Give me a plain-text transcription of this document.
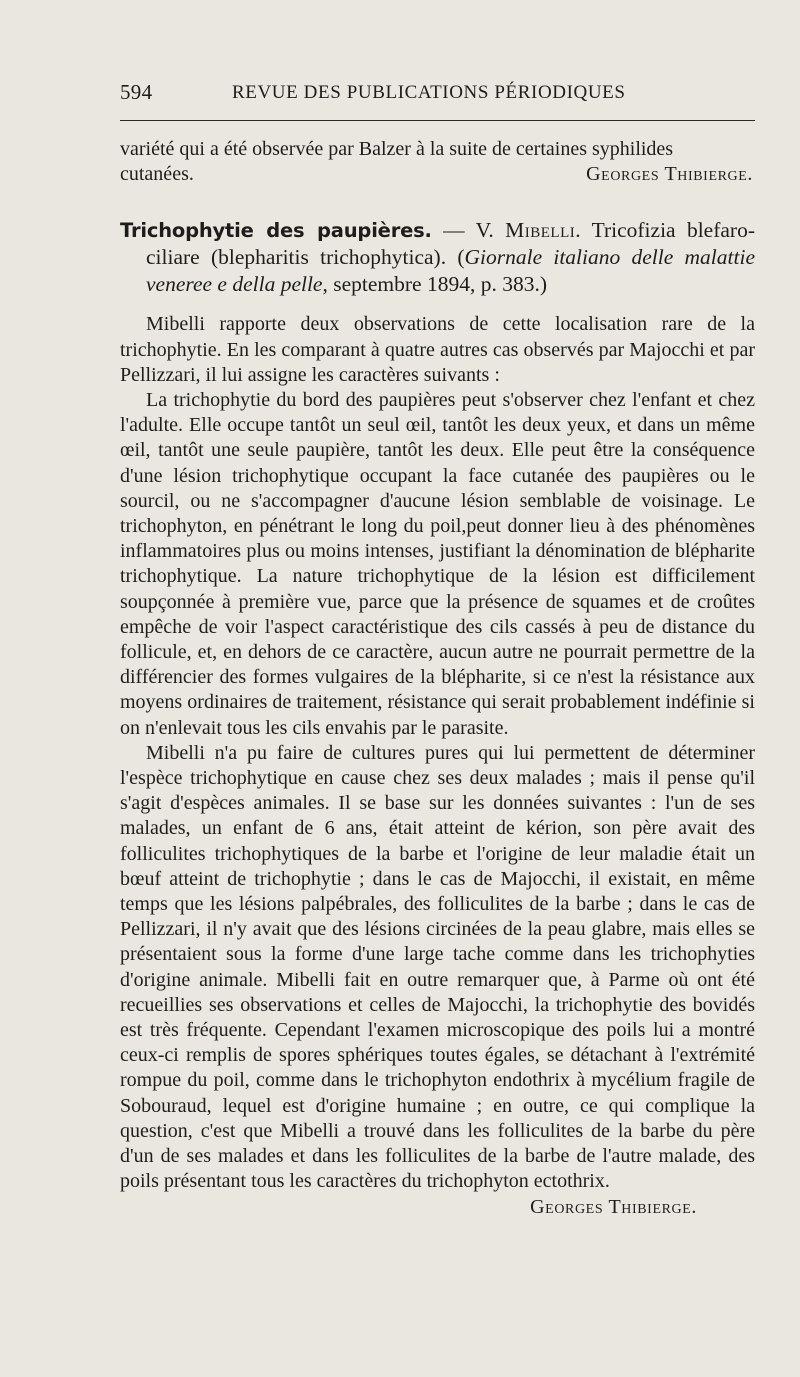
594	REVUE DES PUBLICATIONS PÉRIODIQUES

variété qui a été observée par Balzer à la suite de certaines syphilides

cutanées.	Georges Thibierge.

Trichophytie des paupières. — V. Mibelli. Tricofizia blefaro-ciliare (blepharitis trichophytica). (Giornale italiano delle malattie veneree e della pelle, septembre 1894, p. 383.)

Mibelli rapporte deux observations de cette localisation rare de la trichophytie. En les comparant à quatre autres cas observés par Majocchi et par Pellizzari, il lui assigne les caractères suivants :

La trichophytie du bord des paupières peut s'observer chez l'enfant et chez l'adulte. Elle occupe tantôt un seul œil, tantôt les deux yeux, et dans un même œil, tantôt une seule paupière, tantôt les deux. Elle peut être la conséquence d'une lésion trichophytique occupant la face cutanée des paupières ou le sourcil, ou ne s'accompagner d'aucune lésion semblable de voisinage. Le trichophyton, en pénétrant le long du poil,peut donner lieu à des phénomènes inflammatoires plus ou moins intenses, justifiant la dénomination de blépharite trichophytique. La nature trichophytique de la lésion est difficilement soupçonnée à première vue, parce que la présence de squames et de croûtes empêche de voir l'aspect caractéristique des cils cassés à peu de distance du follicule, et, en dehors de ce caractère, aucun autre ne pourrait permettre de la différencier des formes vulgaires de la blépharite, si ce n'est la résistance aux moyens ordinaires de traitement, résistance qui serait probablement indéfinie si on n'enlevait tous les cils envahis par le parasite.

Mibelli n'a pu faire de cultures pures qui lui permettent de déterminer l'espèce trichophytique en cause chez ses deux malades ; mais il pense qu'il s'agit d'espèces animales. Il se base sur les données suivantes : l'un de ses malades, un enfant de 6 ans, était atteint de kérion, son père avait des folliculites trichophytiques de la barbe et l'origine de leur maladie était un bœuf atteint de trichophytie ; dans le cas de Majocchi, il existait, en même temps que les lésions palpébrales, des folliculites de la barbe ; dans le cas de Pellizzari, il n'y avait que des lésions circinées de la peau glabre, mais elles se présentaient sous la forme d'une large tache comme dans les trichophyties d'origine animale. Mibelli fait en outre remarquer que, à Parme où ont été recueillies ses observations et celles de Majocchi, la trichophytie des bovidés est très fréquente. Cependant l'examen microscopique des poils lui a montré ceux-ci remplis de spores sphériques toutes égales, se détachant à l'extrémité rompue du poil, comme dans le trichophyton endothrix à mycélium fragile de Sobouraud, lequel est d'origine humaine ; en outre, ce qui complique la question, c'est que Mibelli a trouvé dans les folliculites de la barbe du père d'un de ses malades et dans les folliculites de la barbe de l'autre malade, des poils présentant tous les caractères du trichophyton ectothrix.

Georges Thibierge.
